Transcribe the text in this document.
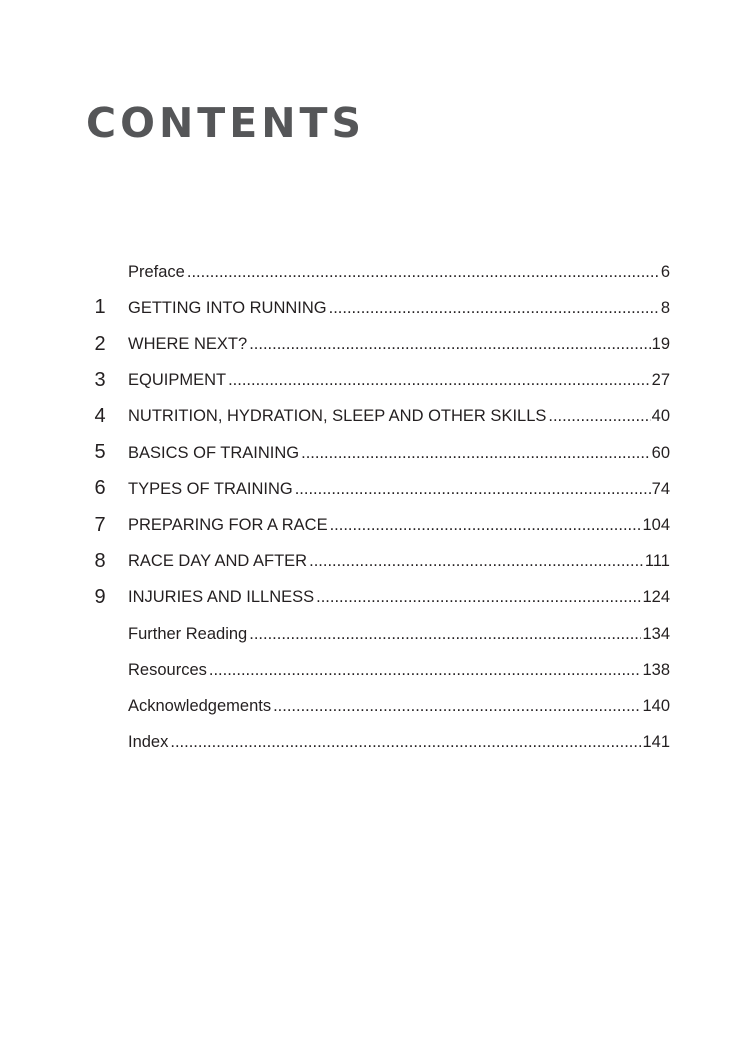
CONTENTS
Preface .....	6
1 GETTING INTO RUNNING .....	8
2 WHERE NEXT? .....	19
3 EQUIPMENT .....	27
4 NUTRITION, HYDRATION, SLEEP AND OTHER SKILLS .....	40
5 BASICS OF TRAINING .....	60
6 TYPES OF TRAINING .....	74
7 PREPARING FOR A RACE .....	104
8 RACE DAY AND AFTER .....	111
9 INJURIES AND ILLNESS .....	124
Further Reading .....	134
Resources .....	138
Acknowledgements .....	140
Index .....	141
